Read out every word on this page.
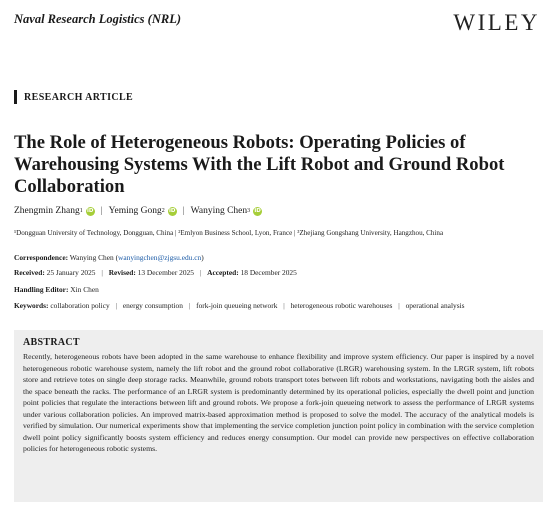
Naval Research Logistics (NRL)	WILEY
RESEARCH ARTICLE
The Role of Heterogeneous Robots: Operating Policies of Warehousing Systems With the Lift Robot and Ground Robot Collaboration
Zhengmin Zhang 1 iD | Yeming Gong 2 iD | Wanying Chen 3 iD
¹Dongguan University of Technology, Dongguan, China | ²Emlyon Business School, Lyon, France | ³Zhejiang Gongshang University, Hangzhou, China
Correspondence: Wanying Chen (wanyingchen@zjgsu.edu.cn)
Received: 25 January 2025 | Revised: 13 December 2025 | Accepted: 18 December 2025
Handling Editor: Xin Chen
Keywords: collaboration policy | energy consumption | fork-join queueing network | heterogeneous robotic warehouses | operational analysis
ABSTRACT

Recently, heterogeneous robots have been adopted in the same warehouse to enhance flexibility and improve system efficiency. Our paper is inspired by a novel heterogeneous robotic warehouse system, namely the lift robot and the ground robot collaborative (LRGR) warehousing system. In the LRGR system, lift robots store and retrieve totes on single deep storage racks. Meanwhile, ground robots transport totes between lift robots and workstations, navigating both the aisles and the space beneath the racks. The performance of an LRGR system is predominantly determined by its operational policies, especially the dwell point and junction point policies that regulate the interactions between lift and ground robots. We propose a fork-join queueing network to assess the performance of LRGR systems under various collaboration policies. An improved matrix-based approximation method is proposed to solve the model. The accuracy of the analytical models is verified by simulation. Our numerical experiments show that implementing the service completion junction point policy in combination with the service completion dwell point policy significantly boosts system efficiency and reduces energy consumption. Our model can provide new perspectives on effective collaboration policies for heterogeneous robotic systems.
